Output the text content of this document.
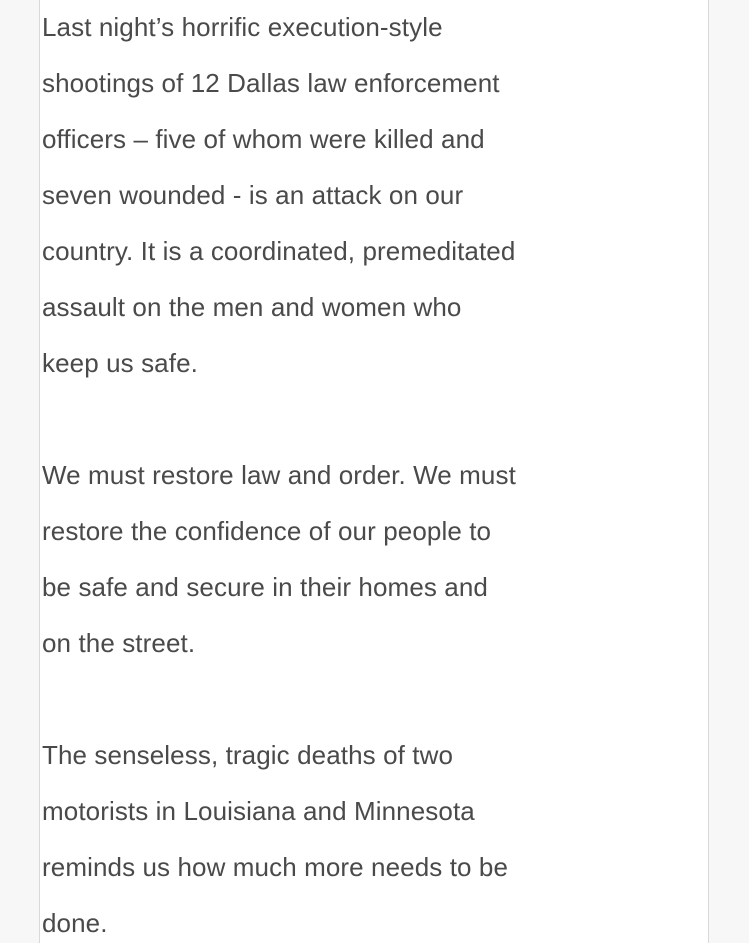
Last night’s horrific execution-style
shootings of 12 Dallas law enforcement
officers – five of whom were killed and
seven wounded - is an attack on our
country. It is a coordinated, premeditated
assault on the men and women who
keep us safe.

We must restore law and order. We must
restore the confidence of our people to
be safe and secure in their homes and
on the street.

The senseless, tragic deaths of two
motorists in Louisiana and Minnesota
reminds us how much more needs to be
done.
